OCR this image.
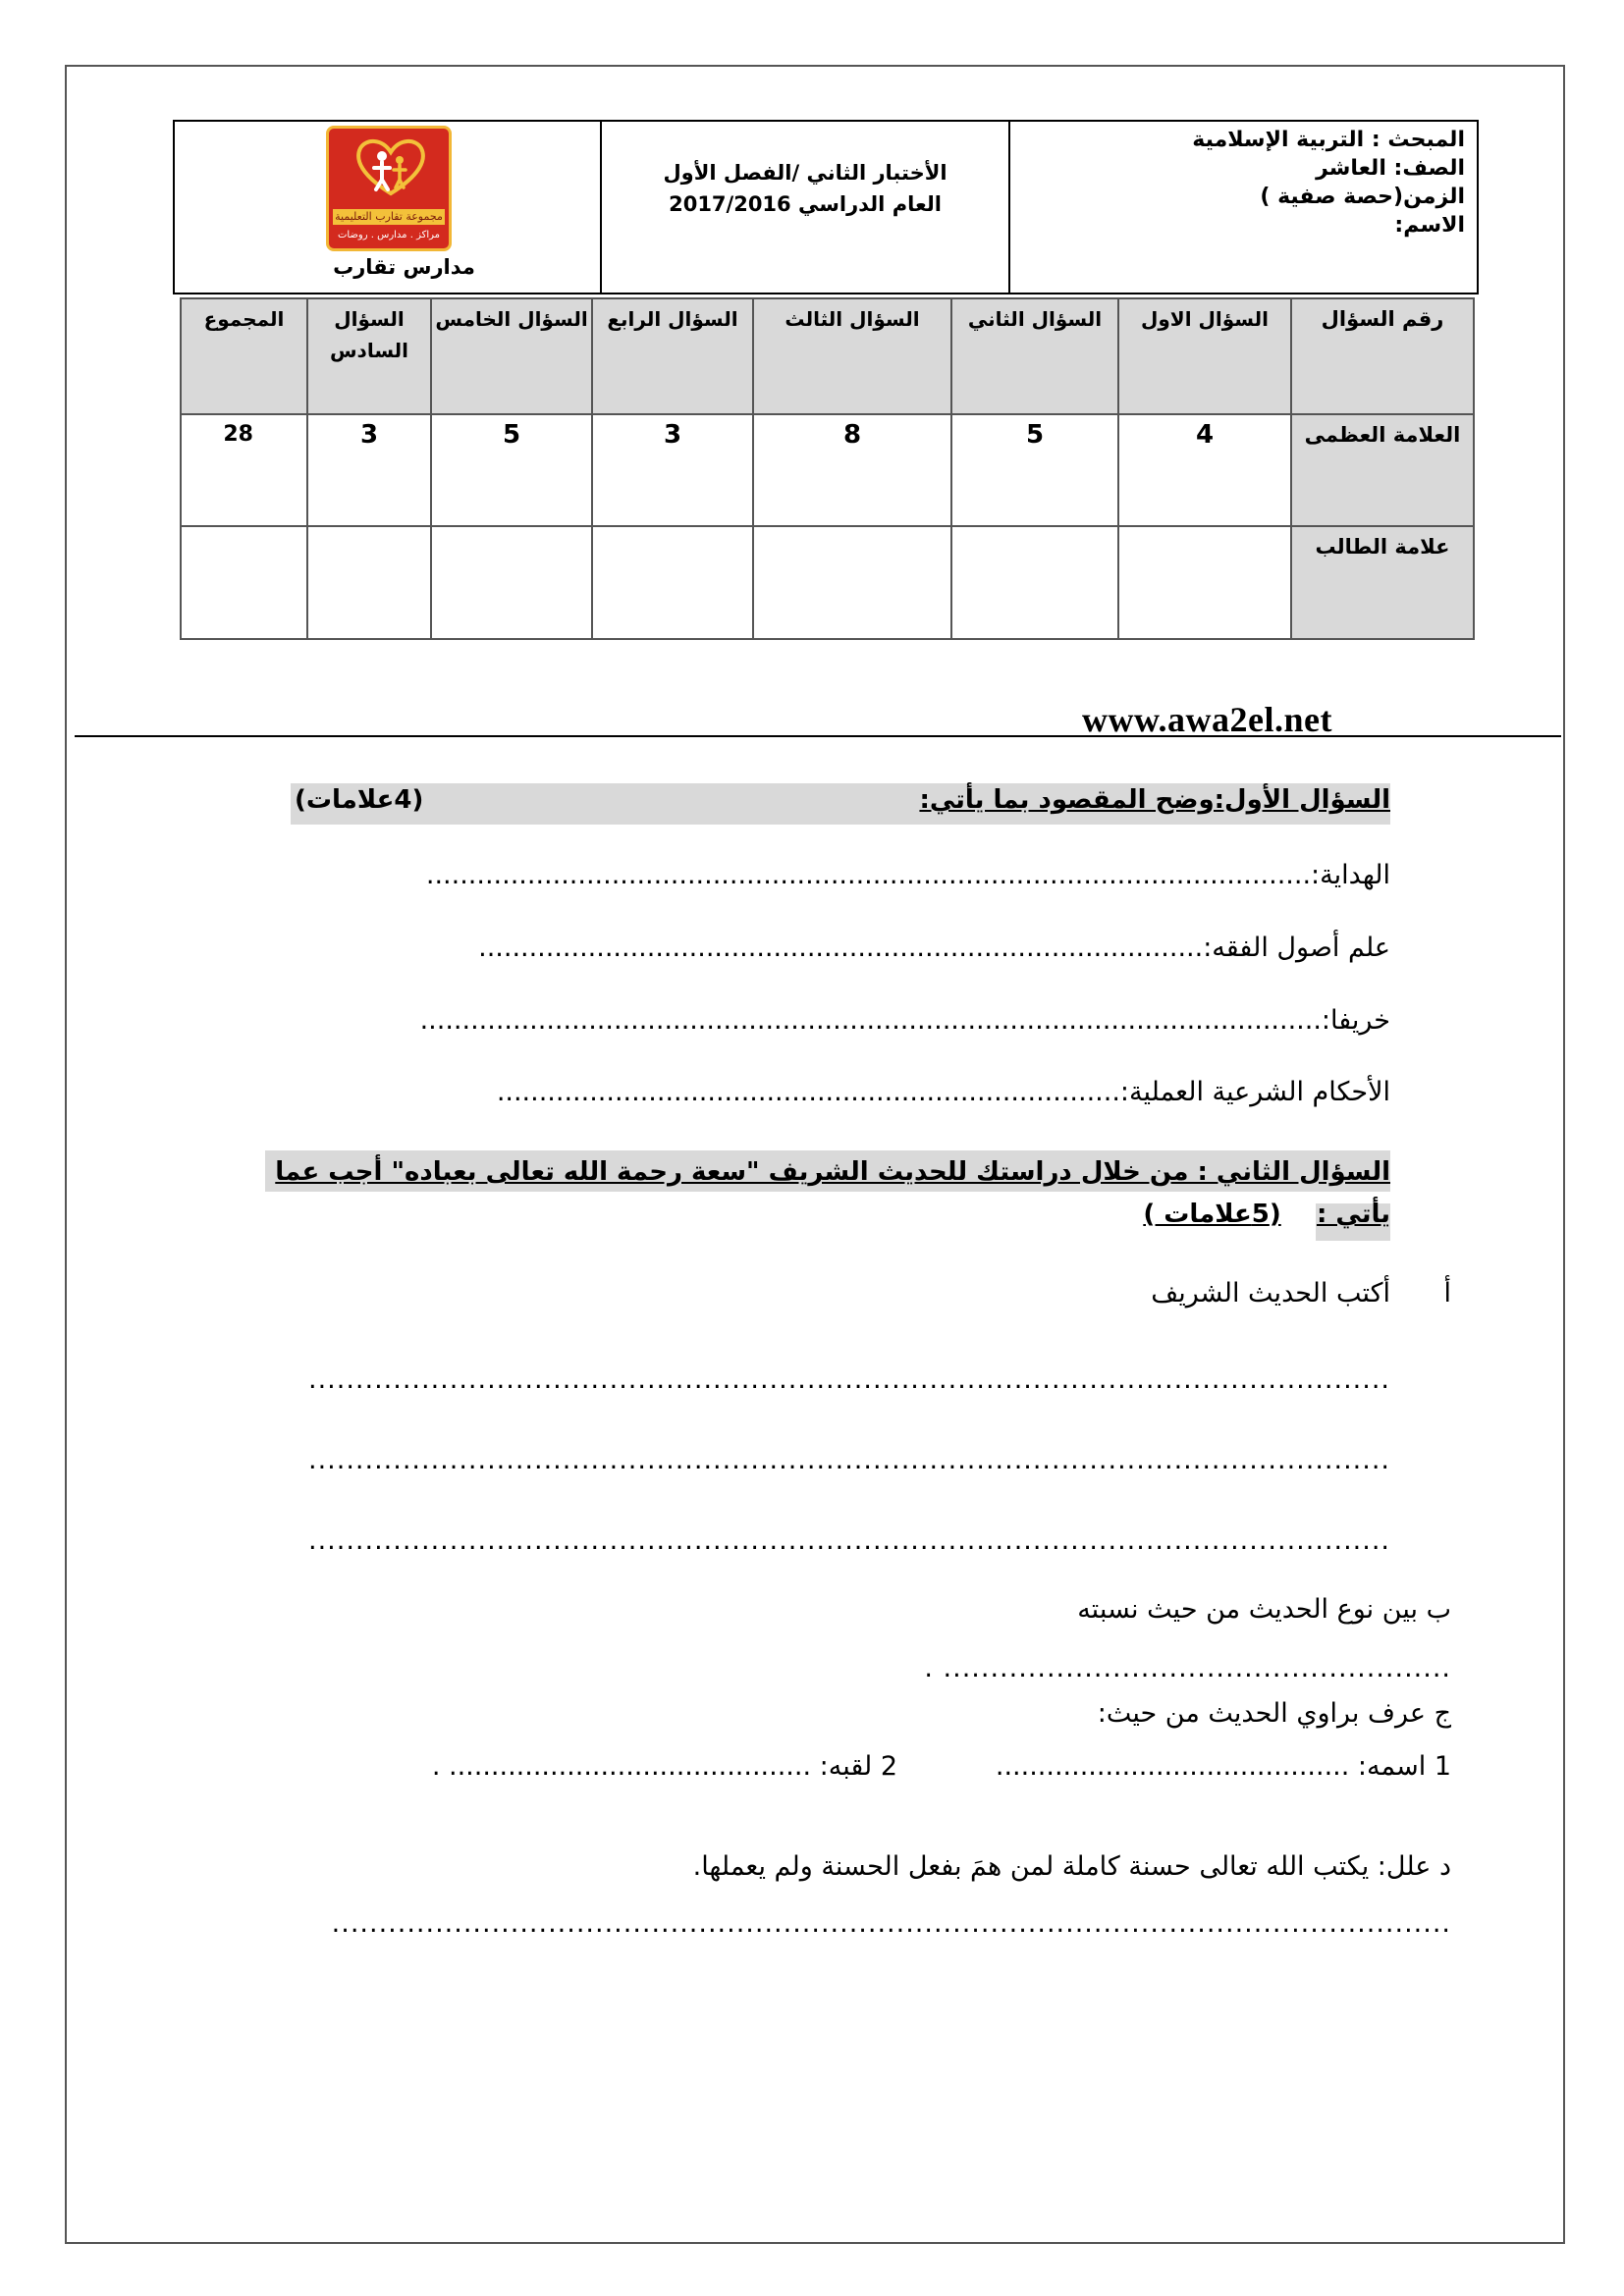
المبحث : التربية الإسلامية
الصف: العاشر
الزمن(حصة صفية )
الاسم:
الأختبار الثاني /الفصل الأول
العام الدراسي 2017/2016
مجموعة تقارب التعليمية
مراكز . مدارس . روضات
مدارس تقارب
رقم السؤال	السؤال الاول	السؤال الثاني	السؤال الثالث	السؤال الرابع	السؤال الخامس	السؤال السادس	المجموع
العلامة العظمى	4	5	8	3	5	3	28
علامة الطالب							
www.awa2el.net
السؤال الأول:وضح المقصود بما يأتي:
(4علامات)
الهداية:.........................................................................................................
علم أصول الفقه:......................................................................................
خريفا:...........................................................................................................
الأحكام الشرعية العملية:..........................................................................
السؤال الثاني : من خلال دراستك للحديث الشريف "سعة رحمة الله تعالى بعباده" أجب عما
يأتي :    (5علامات )
أ
أكتب الحديث الشريف
...................................................................................................................
...................................................................................................................
...................................................................................................................
ب بين نوع الحديث من حيث نسبته
...................................................... .
ج عرف براوي الحديث من حيث:
1 اسمه: ..........................................
2 لقبه: ........................................... .
د علل: يكتب الله تعالى حسنة كاملة لمن همَ بفعل الحسنة ولم يعملها.
.......................................................................................................................
